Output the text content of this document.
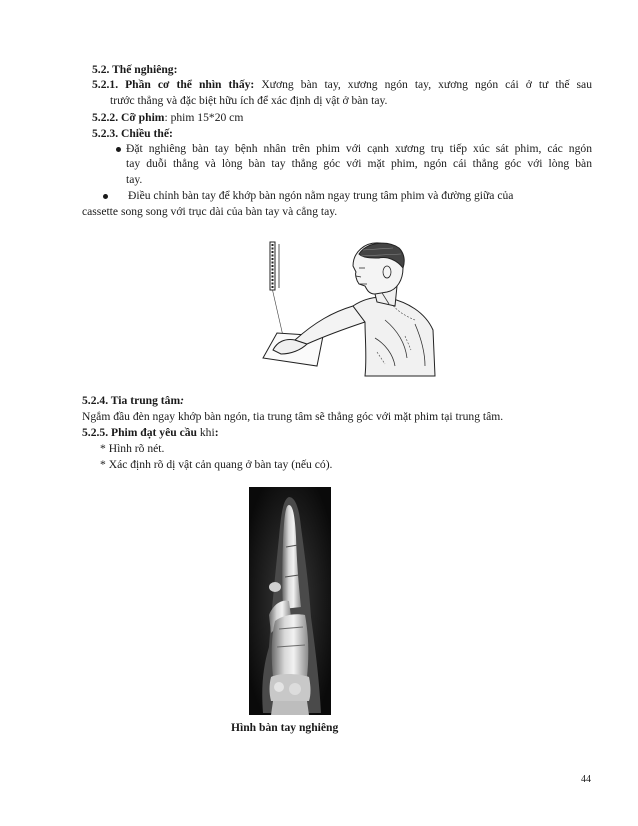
5.2. Thế nghiêng:
5.2.1. Phần cơ thể nhìn thấy: Xương bàn tay, xương ngón tay, xương ngón cái ở tư thế sau
trước thẳng và đặc biệt hữu ích để xác định dị vật ở bàn tay.
5.2.2. Cỡ phim: phim 15*20 cm
5.2.3. Chiều thế:
Đặt nghiêng bàn tay bệnh nhân trên phim với cạnh xương trụ tiếp xúc sát phim, các ngón
tay duỗi thẳng và lòng bàn tay thẳng góc với mặt phim, ngón cái thẳng góc với lòng bàn
tay.
Điều chỉnh bàn tay để khớp bàn ngón nằm ngay trung tâm phim và đường giữa của
cassette song song với trục dài của bàn tay và cẳng tay.
5.2.4. Tia trung tâm:
Ngắm đầu đèn ngay khớp bàn ngón, tia trung tâm sẽ thẳng góc với mặt phim tại trung tâm.
5.2.5. Phim đạt yêu cầu khi:
* Hình rõ nét.
* Xác định rõ dị vật cản quang ở bàn tay (nếu có).
Hình bàn tay nghiêng
44
